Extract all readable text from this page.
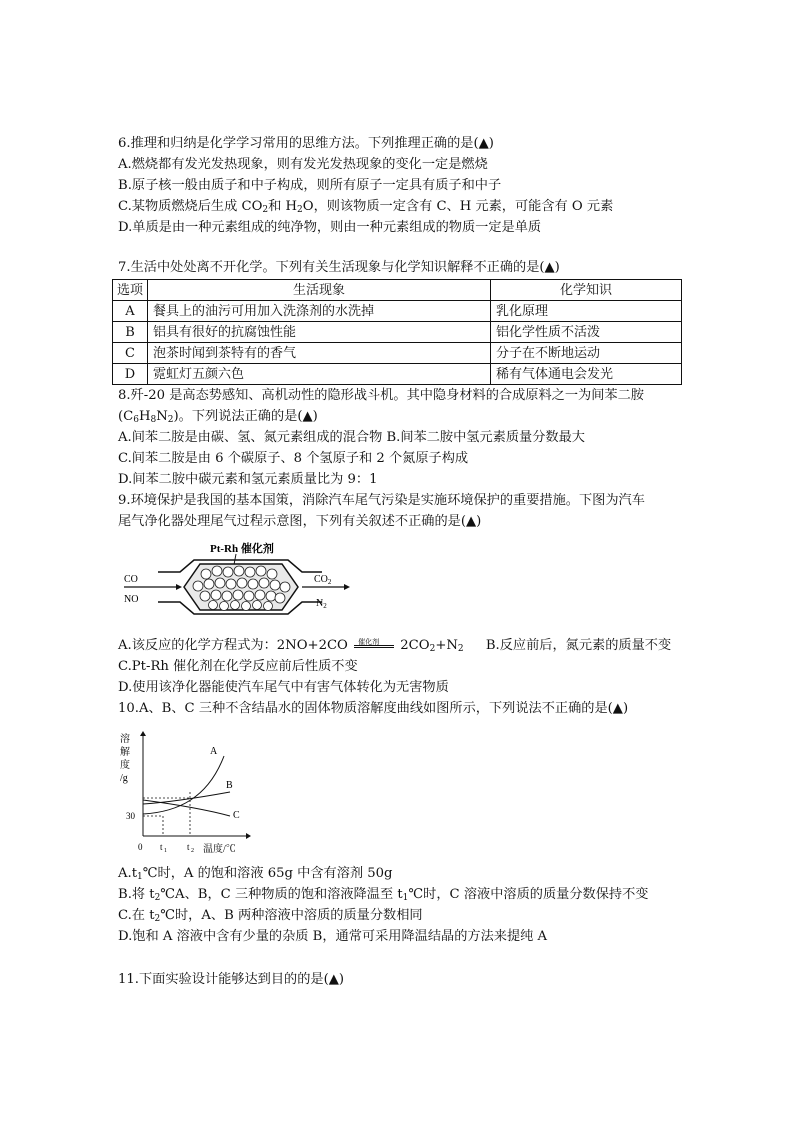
6.推理和归纳是化学学习常用的思维方法。下列推理正确的是(▲)
A.燃烧都有发光发热现象，则有发光发热现象的变化一定是燃烧
B.原子核一般由质子和中子构成，则所有原子一定具有质子和中子
C.某物质燃烧后生成 $CO_2$和 $H_2O$，则该物质一定含有 C、H 元素，可能含有 O 元素
D.单质是由一种元素组成的纯净物，则由一种元素组成的物质一定是单质
7.生活中处处离不开化学。下列有关生活现象与化学知识解释不正确的是(▲)
选项	生活现象	化学知识
A	餐具上的油污可用加入洗涤剂的水洗掉	乳化原理
B	铝具有很好的抗腐蚀性能	铝化学性质不活泼
C	泡茶时闻到茶特有的香气	分子在不断地运动
D	霓虹灯五颜六色	稀有气体通电会发光
8.歼-20 是高态势感知、高机动性的隐形战斗机。其中隐身材料的合成原料之一为间苯二胺
$(C_6H_8N_2)$。下列说法正确的是(▲)
A.间苯二胺是由碳、氢、氮元素组成的混合物 B.间苯二胺中氢元素质量分数最大
C.间苯二胺是由 6 个碳原子、8 个氢原子和 2 个氮原子构成
D.间苯二胺中碳元素和氢元素质量比为 9：1
9.环境保护是我国的基本国策，消除汽车尾气污染是实施环境保护的重要措施。下图为汽车
尾气净化器处理尾气过程示意图，下列有关叙述不正确的是(▲)
Pt-Rh 催化剂
CO
NO
$CO_2$
$N_2$
A.该反应的化学方程式为：2NO+2CO 催化剂 $2CO_2+N_2$ B.反应前后，氮元素的质量不变
C.Pt-Rh 催化剂在化学反应前后性质不变
D.使用该净化器能使汽车尾气中有害气体转化为无害物质
10.A、B、C 三种不含结晶水的固体物质溶解度曲线如图所示，下列说法不正确的是(▲)
溶
解
度
/g
温度/℃
0 t 1 t 2
30
A
B
C
$A.t_1℃$时，A 的饱和溶液 65g 中含有溶剂 50g
B.将 $t_2℃A$、B，C 三种物质的饱和溶液降温至 $t_1℃$时，C 溶液中溶质的质量分数保持不变
C.在 $t_2℃$时，A、B 两种溶液中溶质的质量分数相同
D.饱和 A 溶液中含有少量的杂质 B，通常可采用降温结晶的方法来提纯 A
11.下面实验设计能够达到目的的是(▲)
